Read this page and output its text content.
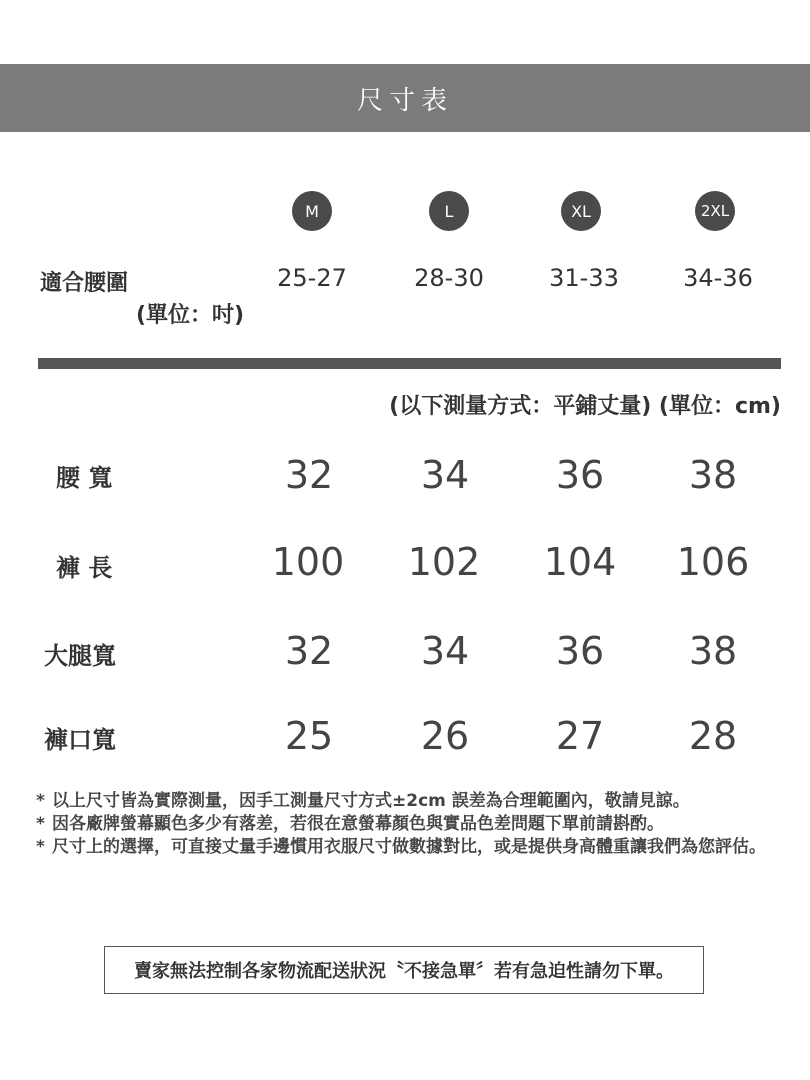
尺寸表
M	L	XL	2XL
適合腰圍
(單位：吋)
25-27	28-30	31-33	34-36
(以下測量方式：平鋪丈量) (單位：cm)
腰 寬	32 34 36 38
褲 長	100 102 104 106
大腿寬	32 34 36 38
褲口寬	25 26 27 28
* 以上尺寸皆為實際測量，因手工測量尺寸方式±2cm 誤差為合理範圍內，敬請見諒。
* 因各廠牌螢幕顯色多少有落差，若很在意螢幕顏色與實品色差問題下單前請斟酌。
* 尺寸上的選擇，可直接丈量手邊慣用衣服尺寸做數據對比，或是提供身高體重讓我們為您評估。
賣家無法控制各家物流配送狀況〝不接急單〞若有急迫性請勿下單。
